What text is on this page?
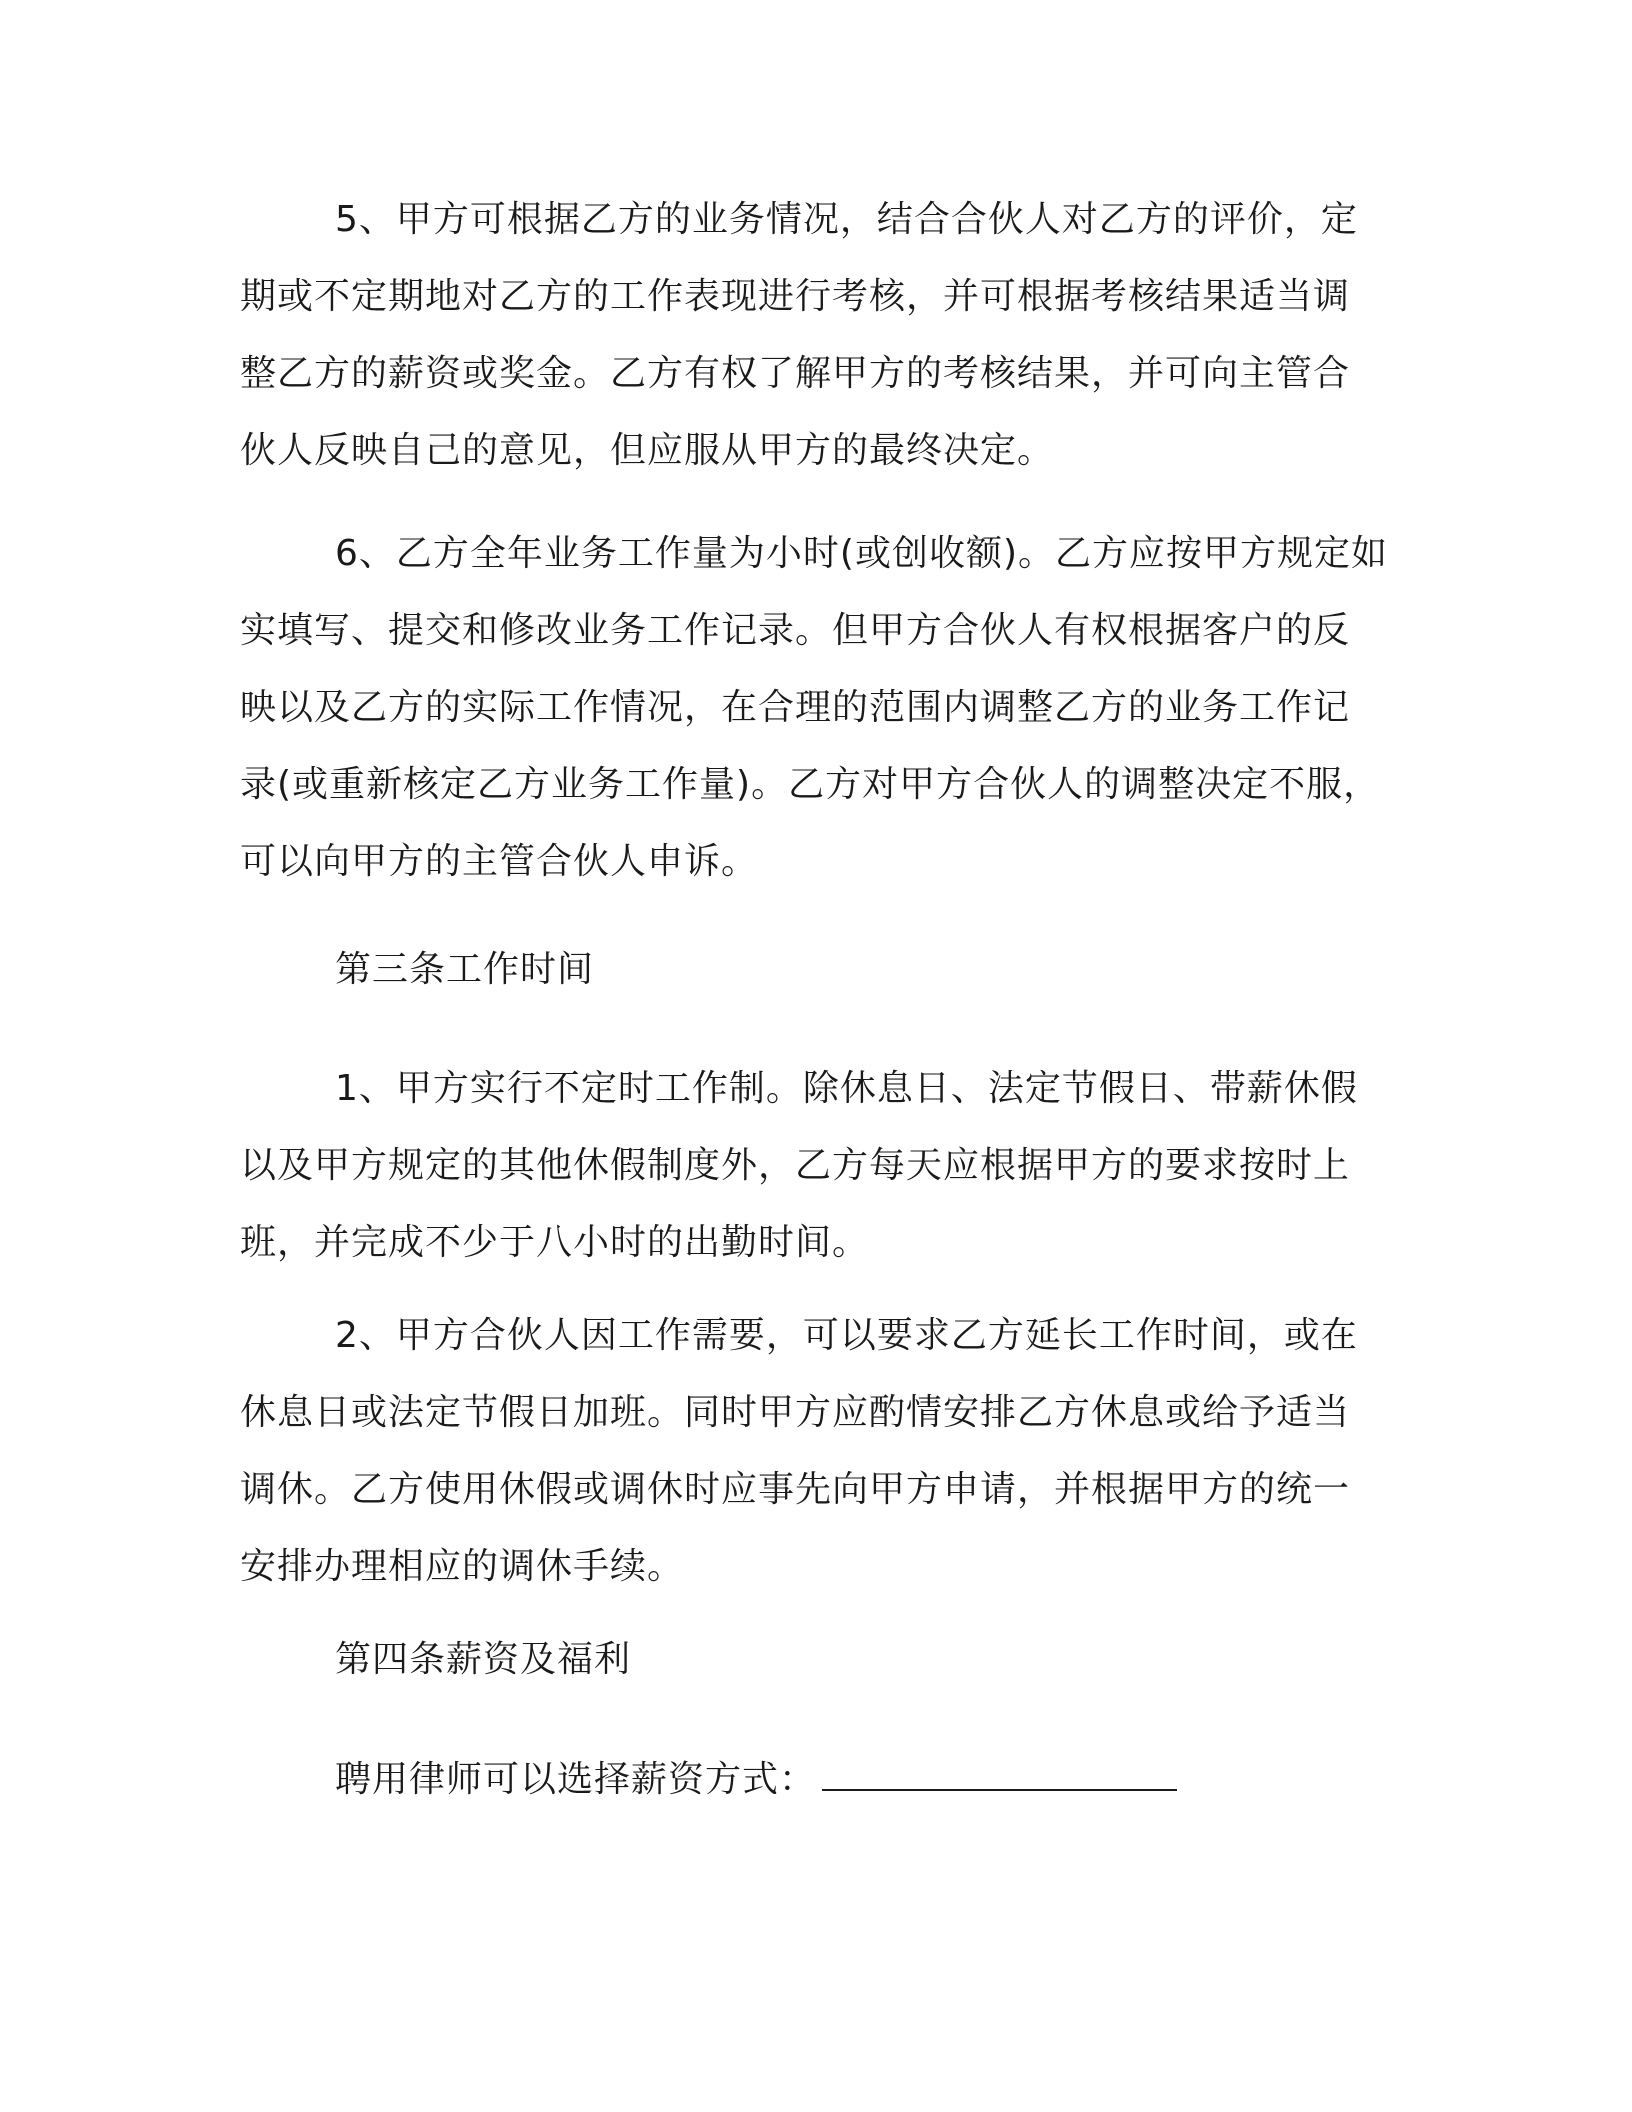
5、甲方可根据乙方的业务情况，结合合伙人对乙方的评价，定
期或不定期地对乙方的工作表现进行考核，并可根据考核结果适当调
整乙方的薪资或奖金。乙方有权了解甲方的考核结果，并可向主管合
伙人反映自己的意见，但应服从甲方的最终决定。
6、乙方全年业务工作量为小时(或创收额)。乙方应按甲方规定如
实填写、提交和修改业务工作记录。但甲方合伙人有权根据客户的反
映以及乙方的实际工作情况，在合理的范围内调整乙方的业务工作记
录(或重新核定乙方业务工作量)。乙方对甲方合伙人的调整决定不服，
可以向甲方的主管合伙人申诉。
第三条工作时间
1、甲方实行不定时工作制。除休息日、法定节假日、带薪休假
以及甲方规定的其他休假制度外，乙方每天应根据甲方的要求按时上
班，并完成不少于八小时的出勤时间。
2、甲方合伙人因工作需要，可以要求乙方延长工作时间，或在
休息日或法定节假日加班。同时甲方应酌情安排乙方休息或给予适当
调休。乙方使用休假或调休时应事先向甲方申请，并根据甲方的统一
安排办理相应的调休手续。
第四条薪资及福利
聘用律师可以选择薪资方式：
